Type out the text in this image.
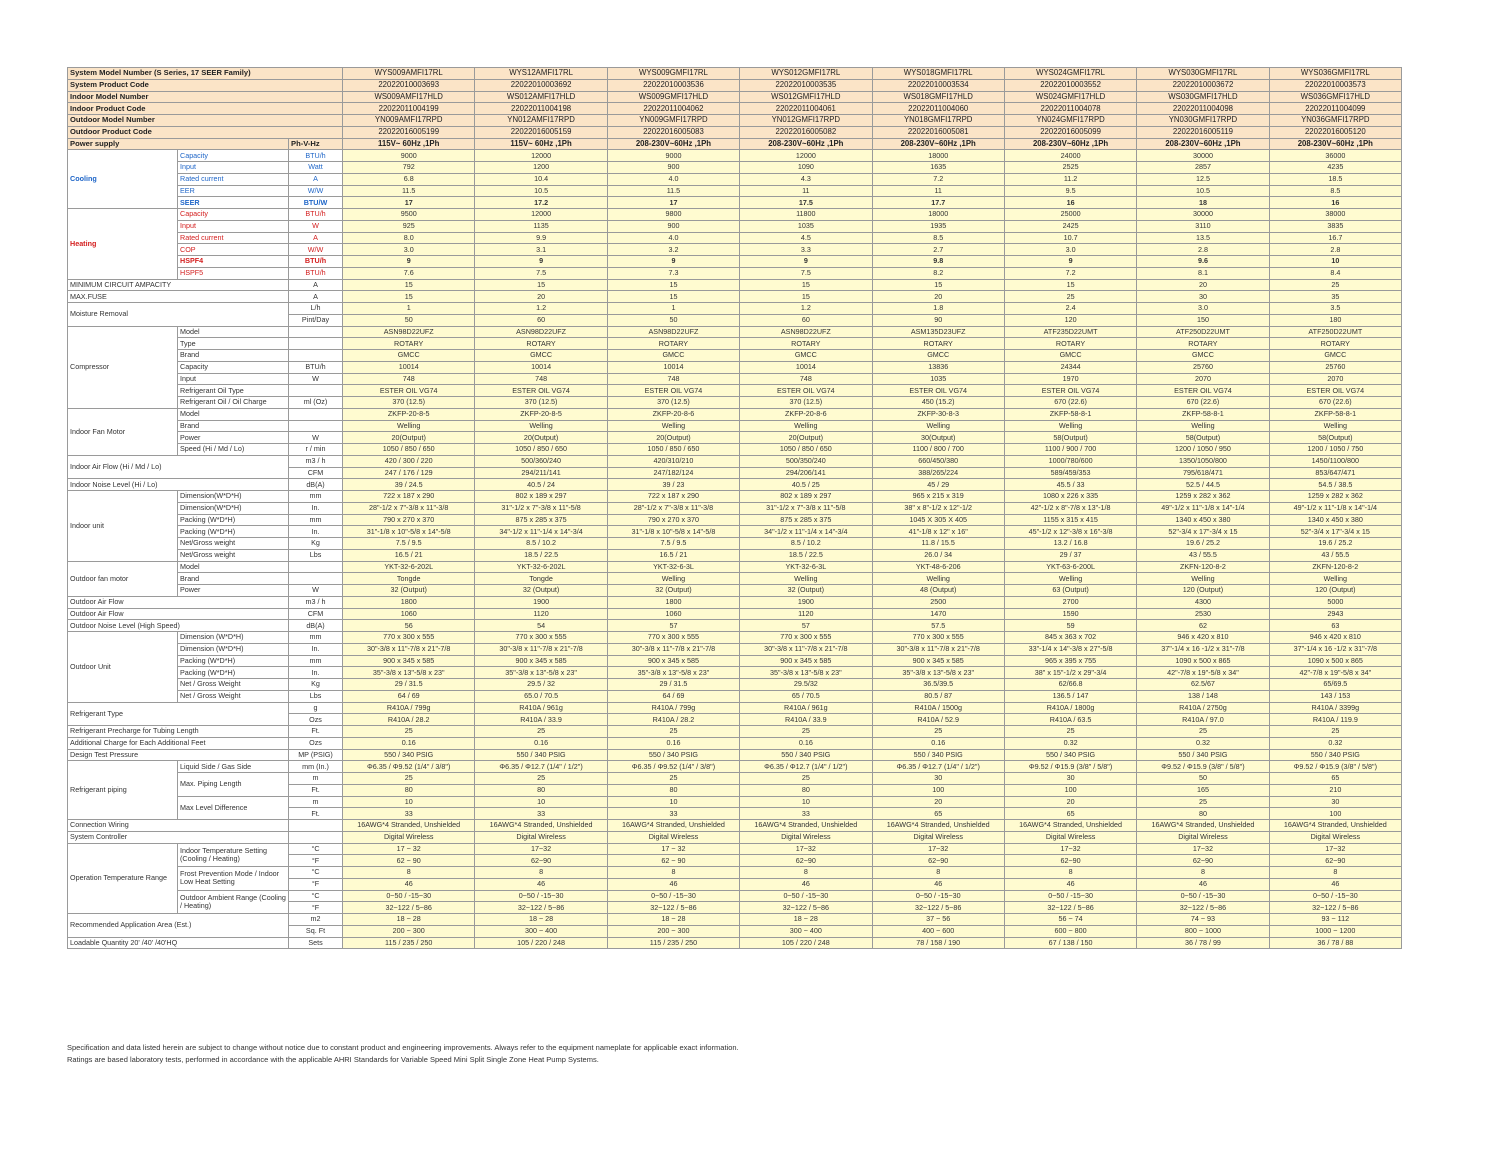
System Model Number (S Series, 17 SEER Family)			WYS009AMFI17RL	WYS12AMFI17RL	WYS009GMFI17RL	WYS012GMFI17RL	WYS018GMFI17RL	WYS024GMFI17RL	WYS030GMFI17RL	WYS036GMFI17RL
System Product Code			22022010003693	22022010003692	22022010003536	22022010003535	22022010003534	22022010003552	22022010003672	22022010003573
Indoor Model Number			WS009AMFI17HLD	WS012AMFI17HLD	WS009GMFI17HLD	WS012GMFI17HLD	WS018GMFI17HLD	WS024GMFI17HLD	WS030GMFI17HLD	WS036GMFI17HLD
Indoor Product Code			22022011004199	22022011004198	22022011004062	22022011004061	22022011004060	22022011004078	22022011004098	22022011004099
Outdoor Model Number			YN009AMFI17RPD	YN012AMFI17RPD	YN009GMFI17RPD	YN012GMFI17RPD	YN018GMFI17RPD	YN024GMFI17RPD	YN030GMFI17RPD	YN036GMFI17RPD
Outdoor Product Code			22022016005199	22022016005159	22022016005083	22022016005082	22022016005081	22022016005099	22022016005119	22022016005120
Power supply		Ph-V-Hz	115V~ 60Hz ,1Ph	115V~ 60Hz ,1Ph	208-230V~60Hz ,1Ph	208-230V~60Hz ,1Ph	208-230V~60Hz ,1Ph	208-230V~60Hz ,1Ph	208-230V~60Hz ,1Ph	208-230V~60Hz ,1Ph
Cooling	Capacity	BTU/h	9000	12000	9000	12000	18000	24000	30000	36000
	Input	Watt	792	1200	900	1090	1635	2525	2857	4235
	Rated current	A	6.8	10.4	4.0	4.3	7.2	11.2	12.5	18.5
	EER	W/W	11.5	10.5	11.5	11	11	9.5	10.5	8.5
	SEER	BTU/W	17	17.2	17	17.5	17.7	16	18	16
Heating	Capacity	BTU/h	9500	12000	9800	11800	18000	25000	30000	38000
	Input	W	925	1135	900	1035	1935	2425	3110	3835
	Rated current	A	8.0	9.9	4.0	4.5	8.5	10.7	13.5	16.7
	COP	W/W	3.0	3.1	3.2	3.3	2.7	3.0	2.8	2.8
	HSPF4	BTU/h	9	9	9	9	9.8	9	9.6	10
	HSPF5	BTU/h	7.6	7.5	7.3	7.5	8.2	7.2	8.1	8.4
MINIMUM CIRCUIT AMPACITY		A	15	15	15	15	15	15	20	25
MAX.FUSE		A	15	20	15	15	20	25	30	35
Moisture Removal		L/h	1	1.2	1	1.2	1.8	2.4	3.0	3.5
		Pint/Day	50	60	50	60	90	120	150	180
Compressor	Model		ASN98D22UFZ	ASN98D22UFZ	ASN98D22UFZ	ASN98D22UFZ	ASM135D23UFZ	ATF235D22UMT	ATF250D22UMT	ATF250D22UMT
	Type		ROTARY	ROTARY	ROTARY	ROTARY	ROTARY	ROTARY	ROTARY	ROTARY
	Brand		GMCC	GMCC	GMCC	GMCC	GMCC	GMCC	GMCC	GMCC
	Capacity	BTU/h	10014	10014	10014	10014	13836	24344	25760	25760
	Input	W	748	748	748	748	1035	1970	2070	2070
	Refrigerant Oil Type		ESTER OIL VG74	ESTER OIL VG74	ESTER OIL VG74	ESTER OIL VG74	ESTER OIL VG74	ESTER OIL VG74	ESTER OIL VG74	ESTER OIL VG74
	Refrigerant Oil / Oil Charge	ml (Oz)	370 (12.5)	370 (12.5)	370 (12.5)	370 (12.5)	450 (15.2)	670 (22.6)	670 (22.6)	670 (22.6)
Indoor Fan Motor	Model		ZKFP-20-8-5	ZKFP-20-8-5	ZKFP-20-8-6	ZKFP-20-8-6	ZKFP-30-8-3	ZKFP-58-8-1	ZKFP-58-8-1	ZKFP-58-8-1
	Brand		Welling	Welling	Welling	Welling	Welling	Welling	Welling	Welling
	Power	W	20(Output)	20(Output)	20(Output)	20(Output)	30(Output)	58(Output)	58(Output)	58(Output)
	Speed (Hi / Md / Lo)	r / min	1050 / 850 / 650	1050 / 850 / 650	1050 / 850 / 650	1050 / 850 / 650	1100 / 800 / 700	1100 / 900 / 700	1200 / 1050 / 950	1200 / 1050 / 750
Indoor Air Flow (Hi / Md / Lo)		m3 / h	420 / 300 / 220	500/360/240	420/310/210	500/350/240	660/450/380	1000/780/600	1350/1050/800	1450/1100/800
		CFM	247 / 176 / 129	294/211/141	247/182/124	294/206/141	388/265/224	589/459/353	795/618/471	853/647/471
Indoor Noise Level (Hi / Lo)		dB(A)	39 / 24.5	40.5 / 24	39 / 23	40.5 / 25	45 / 29	45.5 / 33	52.5 / 44.5	54.5 / 38.5
Indoor unit	Dimension(W*D*H)	mm	722 x 187 x 290	802 x 189 x 297	722 x 187 x 290	802 x 189 x 297	965 x 215 x 319	1080 x 226 x 335	1259 x 282 x 362	1259 x 282 x 362
	Dimension(W*D*H)	In.	28"-1/2 x 7"-3/8 x 11"-3/8	31"-1/2 x 7"-3/8 x 11"-5/8	28"-1/2 x 7"-3/8 x 11"-3/8	31"-1/2 x 7"-3/8 x 11"-5/8	38" x 8"-1/2 x 12"-1/2	42"-1/2 x 8"-7/8 x 13"-1/8	49"-1/2 x 11"-1/8 x 14"-1/4	49"-1/2 x 11"-1/8 x 14"-1/4
	Packing (W*D*H)	mm	790 x 270 x 370	875 x 285 x 375	790 x 270 x 370	875 x 285 x 375	1045 X 305 X 405	1155 x 315 x 415	1340 x 450 x 380	1340 x 450 x 380
	Packing (W*D*H)	In.	31"-1/8 x 10"-5/8 x 14"-5/8	34"-1/2 x 11"-1/4 x 14"-3/4	31"-1/8 x 10"-5/8 x 14"-5/8	34"-1/2 x 11"-1/4 x 14"-3/4	41"-1/8 x 12" x 16"	45"-1/2 x 12"-3/8 x 16"-3/8	52"-3/4 x 17"-3/4 x 15	52"-3/4 x 17"-3/4 x 15
	Net/Gross weight	Kg	7.5 / 9.5	8.5 / 10.2	7.5 / 9.5	8.5 / 10.2	11.8 / 15.5	13.2 / 16.8	19.6 / 25.2	19.6 / 25.2
	Net/Gross weight	Lbs	16.5 / 21	18.5 / 22.5	16.5 / 21	18.5 / 22.5	26.0 / 34	29 / 37	43 / 55.5	43 / 55.5
Outdoor fan motor	Model		YKT-32-6-202L	YKT-32-6-202L	YKT-32-6-3L	YKT-32-6-3L	YKT-48-6-206	YKT-63-6-200L	ZKFN-120-8-2	ZKFN-120-8-2
	Brand		Tongde	Tongde	Welling	Welling	Welling	Welling	Welling	Welling
	Power	W	32 (Output)	32 (Output)	32 (Output)	32 (Output)	48 (Output)	63 (Output)	120 (Output)	120 (Output)
Outdoor Air Flow		m3 / h	1800	1900	1800	1900	2500	2700	4300	5000
Outdoor Air Flow		CFM	1060	1120	1060	1120	1470	1590	2530	2943
Outdoor Noise Level (High Speed)		dB(A)	56	54	57	57	57.5	59	62	63
Outdoor Unit	Dimension (W*D*H)	mm	770 x 300 x 555	770 x 300 x 555	770 x 300 x 555	770 x 300 x 555	770 x 300 x 555	845 x 363 x 702	946 x 420 x 810	946 x 420 x 810
	Dimension (W*D*H)	In.	30"-3/8 x 11"-7/8 x 21"-7/8	30"-3/8 x 11"-7/8 x 21"-7/8	30"-3/8 x 11"-7/8 x 21"-7/8	30"-3/8 x 11"-7/8 x 21"-7/8	30"-3/8 x 11"-7/8 x 21"-7/8	33"-1/4 x 14"-3/8 x 27"-5/8	37"-1/4 x 16 -1/2 x 31"-7/8	37"-1/4 x 16 -1/2 x 31"-7/8
	Packing (W*D*H)	mm	900 x 345 x 585	900 x 345 x 585	900 x 345 x 585	900 x 345 x 585	900 x 345 x 585	965 x 395 x 755	1090 x 500 x 865	1090 x 500 x 865
	Packing (W*D*H)	In.	35"-3/8 x 13"-5/8 x 23"	35"-3/8 x 13"-5/8 x 23"	35"-3/8 x 13"-5/8 x 23"	35"-3/8 x 13"-5/8 x 23"	35"-3/8 x 13"-5/8 x 23"	38" x 15"-1/2 x 29"-3/4	42"-7/8 x 19"-5/8 x 34"	42"-7/8 x 19"-5/8 x 34"
	Net / Gross Weight	Kg	29 / 31.5	29.5 / 32	29 / 31.5	29.5/32	36.5/39.5	62/66.8	62.5/67	65/69.5
	Net / Gross Weight	Lbs	64 / 69	65.0 / 70.5	64 / 69	65 / 70.5	80.5 / 87	136.5 / 147	138 / 148	143 / 153
Refrigerant Type		g	R410A / 799g	R410A / 961g	R410A / 799g	R410A / 961g	R410A / 1500g	R410A / 1800g	R410A / 2750g	R410A / 3399g
		Ozs	R410A / 28.2	R410A / 33.9	R410A / 28.2	R410A / 33.9	R410A / 52.9	R410A / 63.5	R410A / 97.0	R410A / 119.9
Refrigerant Precharge for Tubing Length		Ft.	25	25	25	25	25	25	25	25
Additional Charge for Each Additional Feet		Ozs	0.16	0.16	0.16	0.16	0.16	0.32	0.32	0.32
Design Test Pressure		MP (PSIG)	550 / 340 PSIG	550 / 340 PSIG	550 / 340 PSIG	550 / 340 PSIG	550 / 340 PSIG	550 / 340 PSIG	550 / 340 PSIG	550 / 340 PSIG
Refrigerant piping	Liquid Side / Gas Side	mm (In.)	Φ6.35 / Φ9.52 (1/4" / 3/8")	Φ6.35 / Φ12.7 (1/4" / 1/2")	Φ6.35 / Φ9.52 (1/4" / 3/8")	Φ6.35 / Φ12.7 (1/4" / 1/2")	Φ6.35 / Φ12.7 (1/4" / 1/2")	Φ9.52 / Φ15.9 (3/8" / 5/8")	Φ9.52 / Φ15.9 (3/8" / 5/8")	Φ9.52 / Φ15.9 (3/8" / 5/8")
	Max. Piping Length	m	25	25	25	25	30	30	50	65
		Ft.	80	80	80	80	100	100	165	210
	Max Level Difference	m	10	10	10	10	20	20	25	30
		Ft.	33	33	33	33	65	65	80	100
Connection Wiring			16AWG*4 Stranded, Unshielded	16AWG*4 Stranded, Unshielded	16AWG*4 Stranded, Unshielded	16AWG*4 Stranded, Unshielded	16AWG*4 Stranded, Unshielded	16AWG*4 Stranded, Unshielded	16AWG*4 Stranded, Unshielded	16AWG*4 Stranded, Unshielded
System Controller			Digital Wireless	Digital Wireless	Digital Wireless	Digital Wireless	Digital Wireless	Digital Wireless	Digital Wireless	Digital Wireless
Operation Temperature Range	Indoor Temperature Setting (Cooling / Heating)	°C	17 ~ 32	17~32	17 ~ 32	17~32	17~32	17~32	17~32	17~32
		°F	62 ~ 90	62~90	62 ~ 90	62~90	62~90	62~90	62~90	62~90
	Frost Prevention Mode / Indoor Low Heat Setting	°C	8	8	8	8	8	8	8	8
		°F	46	46	46	46	46	46	46	46
	Outdoor Ambient Range (Cooling / Heating)	°C	0~50 / -15~30	0~50 / -15~30	0~50 / -15~30	0~50 / -15~30	0~50 / -15~30	0~50 / -15~30	0~50 / -15~30	0~50 / -15~30
		°F	32~122 / 5~86	32~122 / 5~86	32~122 / 5~86	32~122 / 5~86	32~122 / 5~86	32~122 / 5~86	32~122 / 5~86	32~122 / 5~86
Recommended Application Area (Est.)		m2	18 ~ 28	18 ~ 28	18 ~ 28	18 ~ 28	37 ~ 56	56 ~ 74	74 ~ 93	93 ~ 112
		Sq. Ft	200 ~ 300	300 ~ 400	200 ~ 300	300 ~ 400	400 ~ 600	600 ~ 800	800 ~ 1000	1000 ~ 1200
Loadable Quantity 20' /40' /40'HQ		Sets	115 / 235 / 250	105 / 220 / 248	115 / 235 / 250	105 / 220 / 248	78 / 158 / 190	67 / 138 / 150	36 / 78 / 99	36 / 78 / 88
Specification and data listed herein are subject to change without notice due to constant product and engineering improvements. Always refer to the equipment nameplate for applicable exact information.
Ratings are based laboratory tests, performed in accordance with the applicable AHRI Standards for Variable Speed Mini Split Single Zone Heat Pump Systems.
